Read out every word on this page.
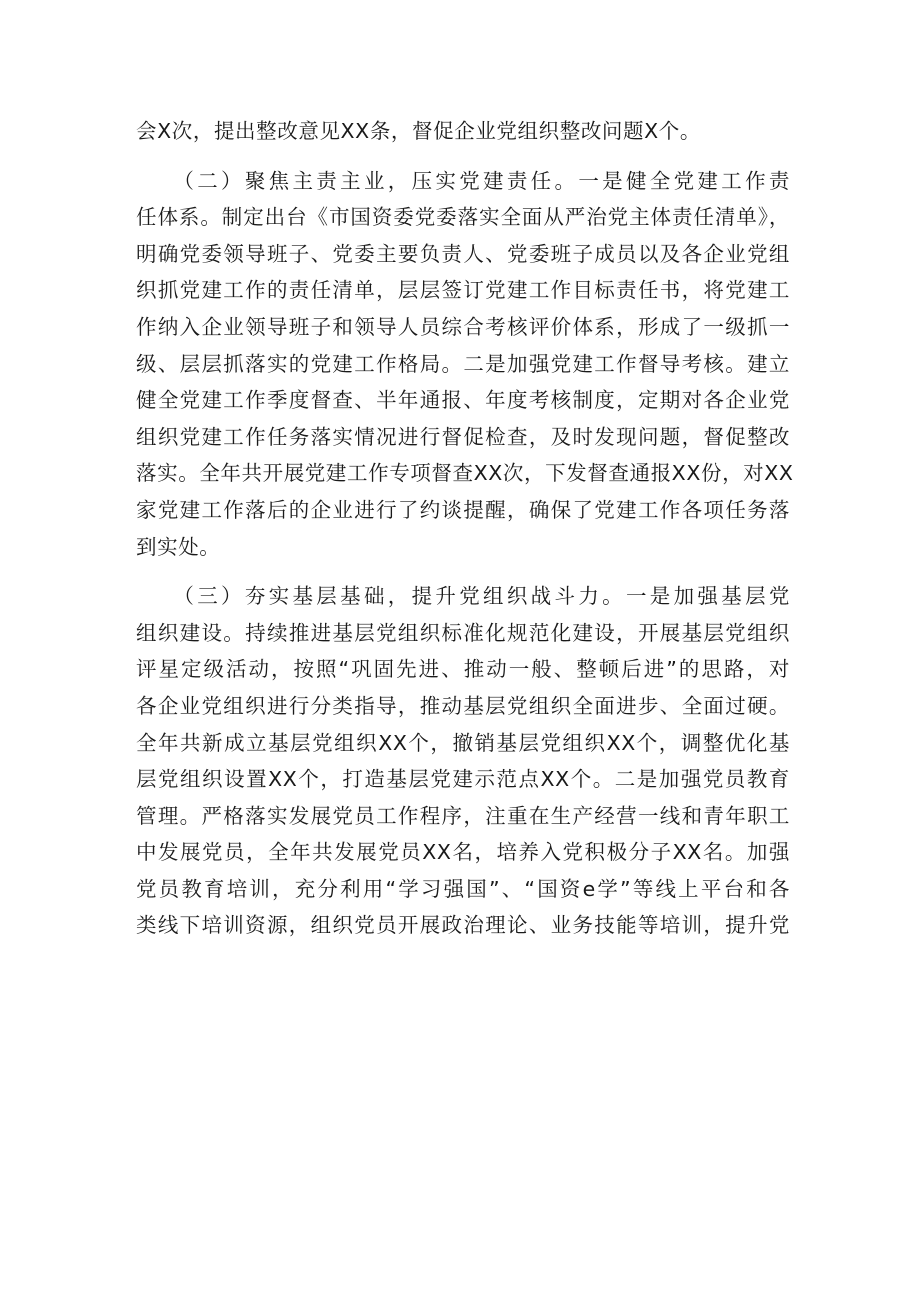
会X次，提出整改意见XX条，督促企业党组织整改问题X个。
　　（二）聚焦主责主业，压实党建责任。一是健全党建工作责
任体系。制定出台《市国资委党委落实全面从严治党主体责任清单》，
明确党委领导班子、党委主要负责人、党委班子成员以及各企业党组
织抓党建工作的责任清单，层层签订党建工作目标责任书，将党建工
作纳入企业领导班子和领导人员综合考核评价体系，形成了一级抓一
级、层层抓落实的党建工作格局。二是加强党建工作督导考核。建立
健全党建工作季度督查、半年通报、年度考核制度，定期对各企业党
组织党建工作任务落实情况进行督促检查，及时发现问题，督促整改
落实。全年共开展党建工作专项督查XX次，下发督查通报XX份，对XX
家党建工作落后的企业进行了约谈提醒，确保了党建工作各项任务落
到实处。
　　（三）夯实基层基础，提升党组织战斗力。一是加强基层党
组织建设。持续推进基层党组织标准化规范化建设，开展基层党组织
评星定级活动，按照“巩固先进、推动一般、整顿后进”的思路，对
各企业党组织进行分类指导，推动基层党组织全面进步、全面过硬。
全年共新成立基层党组织XX个，撤销基层党组织XX个，调整优化基
层党组织设置XX个，打造基层党建示范点XX个。二是加强党员教育
管理。严格落实发展党员工作程序，注重在生产经营一线和青年职工
中发展党员，全年共发展党员XX名，培养入党积极分子XX名。加强
党员教育培训，充分利用“学习强国”、“国资e学”等线上平台和各
类线下培训资源，组织党员开展政治理论、业务技能等培训，提升党
